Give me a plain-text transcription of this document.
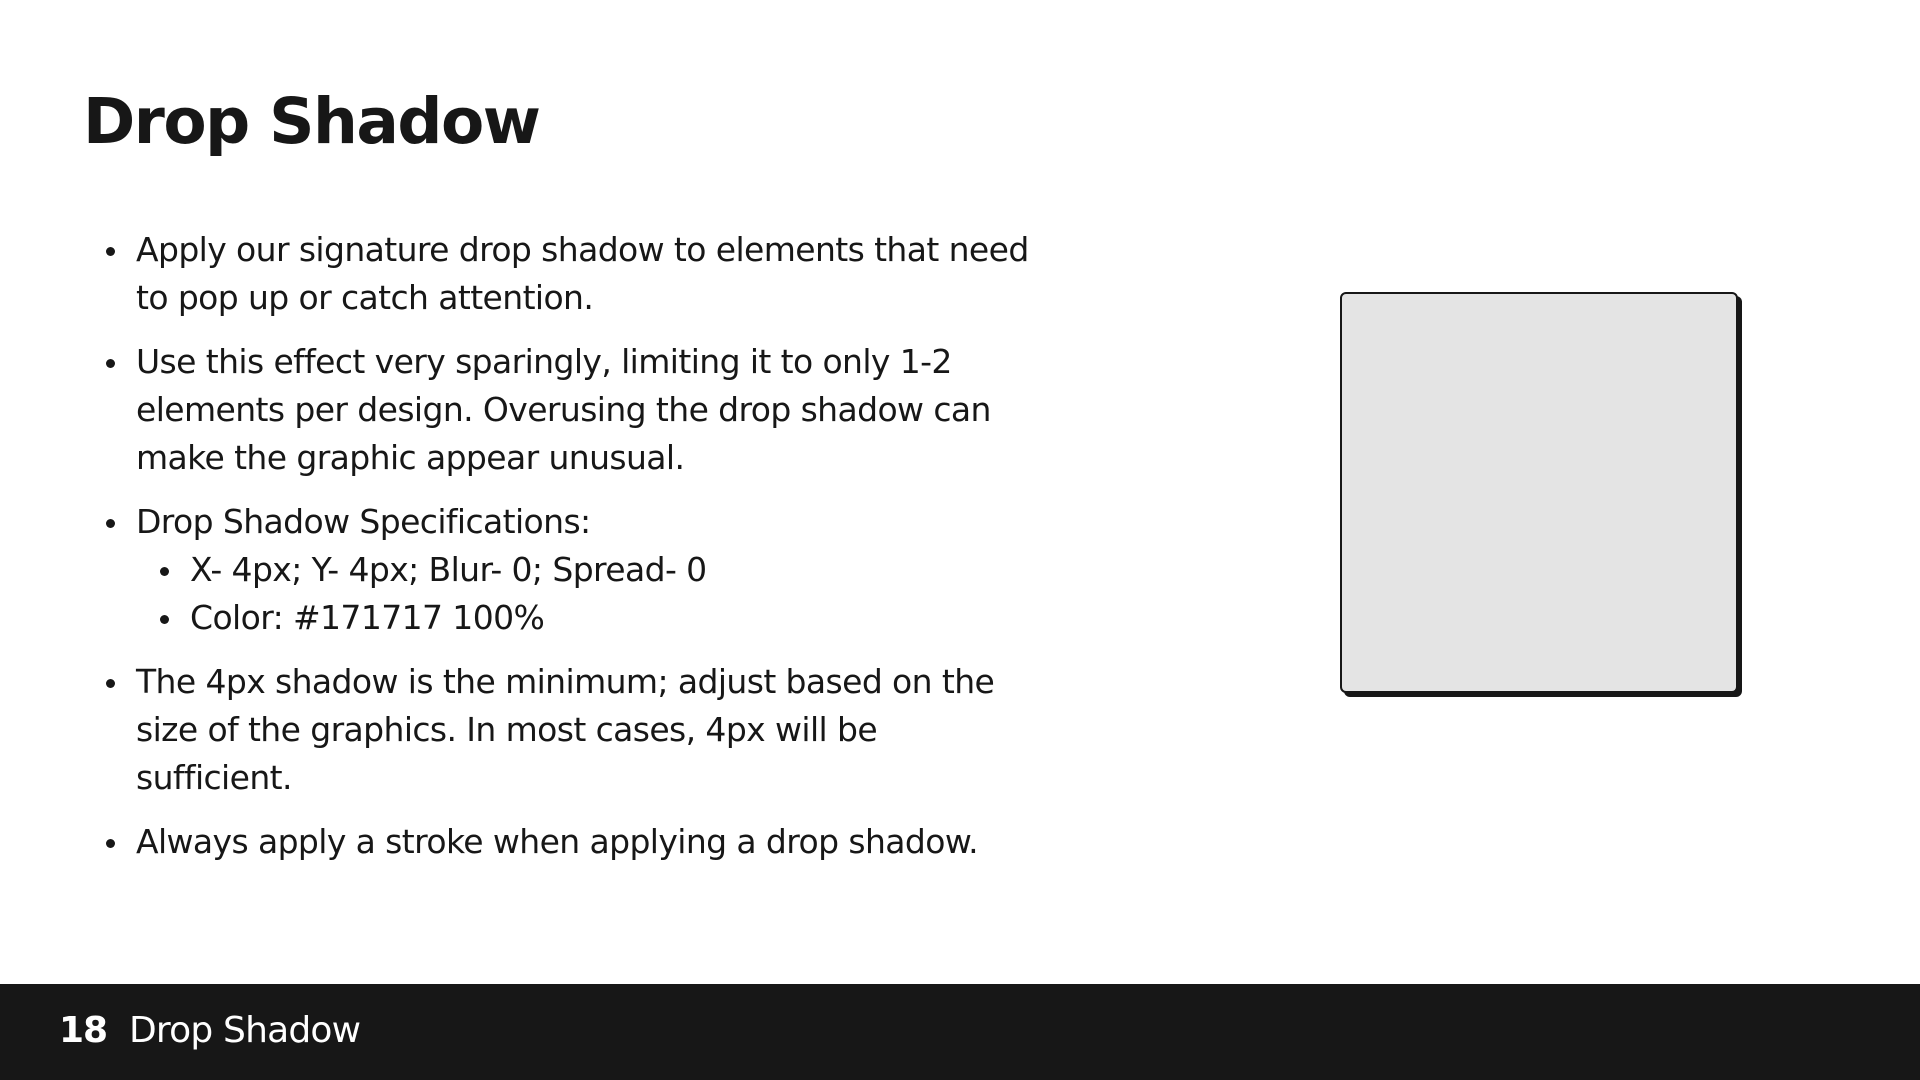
Drop Shadow
Apply our signature drop shadow to elements that need
to pop up or catch attention.
Use this effect very sparingly, limiting it to only 1-2
elements per design. Overusing the drop shadow can
make the graphic appear unusual.
Drop Shadow Specifications:
X- 4px; Y- 4px; Blur- 0; Spread- 0
Color: #171717 100%
The 4px shadow is the minimum; adjust based on the
size of the graphics. In most cases, 4px will be sufficient.
Always apply a stroke when applying a drop shadow.
18 Drop Shadow
